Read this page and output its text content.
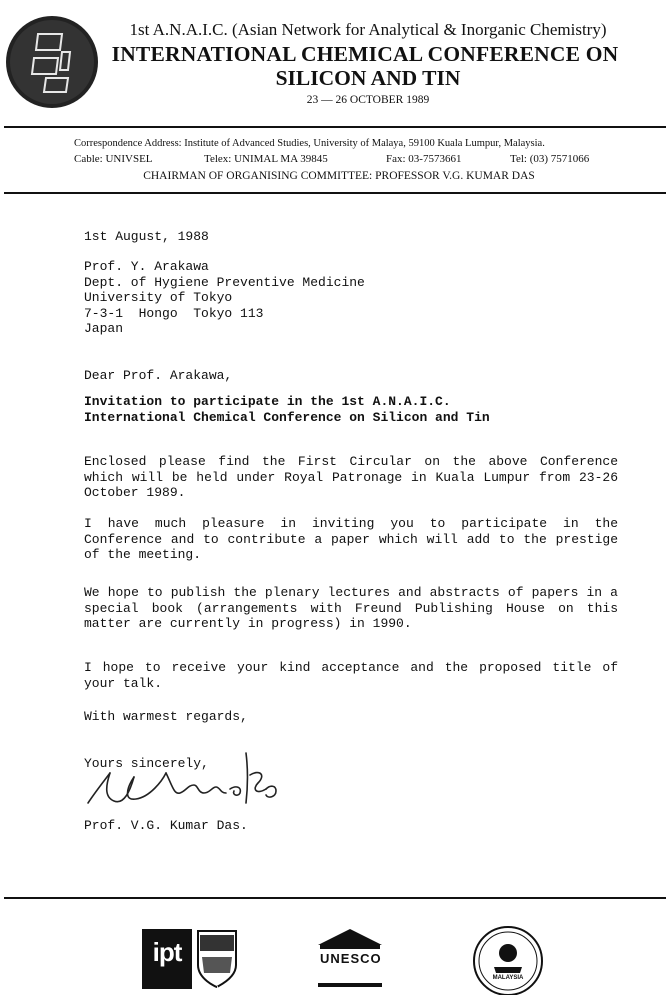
1st A.N.A.I.C. (Asian Network for Analytical & Inorganic Chemistry)
INTERNATIONAL CHEMICAL CONFERENCE ON
SILICON AND TIN
23 — 26 OCTOBER 1989
Correspondence Address: Institute of Advanced Studies, University of Malaya, 59100 Kuala Lumpur, Malaysia.
Cable: UNIVSEL	Telex: UNIMAL MA 39845	Fax: 03-7573661	Tel: (03) 7571066
CHAIRMAN OF ORGANISING COMMITTEE: PROFESSOR V.G. KUMAR DAS
1st August, 1988
Prof. Y. Arakawa
Dept. of Hygiene Preventive Medicine
University of Tokyo
7-3-1  Hongo  Tokyo 113
Japan
Dear Prof. Arakawa,
Invitation to participate in the 1st A.N.A.I.C.
International Chemical Conference on Silicon and Tin
Enclosed please find the First Circular on the above Conference which will be held under Royal Patronage in Kuala Lumpur from 23-26 October 1989.
I have much pleasure in inviting you to participate in the Conference and to contribute a paper which will add to the prestige of the meeting.
We hope to publish the plenary lectures and abstracts of papers in a special book (arrangements with Freund Publishing House on this matter are currently in progress) in 1990.
I hope to receive your kind acceptance and the proposed title of your talk.
With warmest regards,
Yours sincerely,
Prof. V.G. Kumar Das.
ipt	UNESCO
MALAYSIA
